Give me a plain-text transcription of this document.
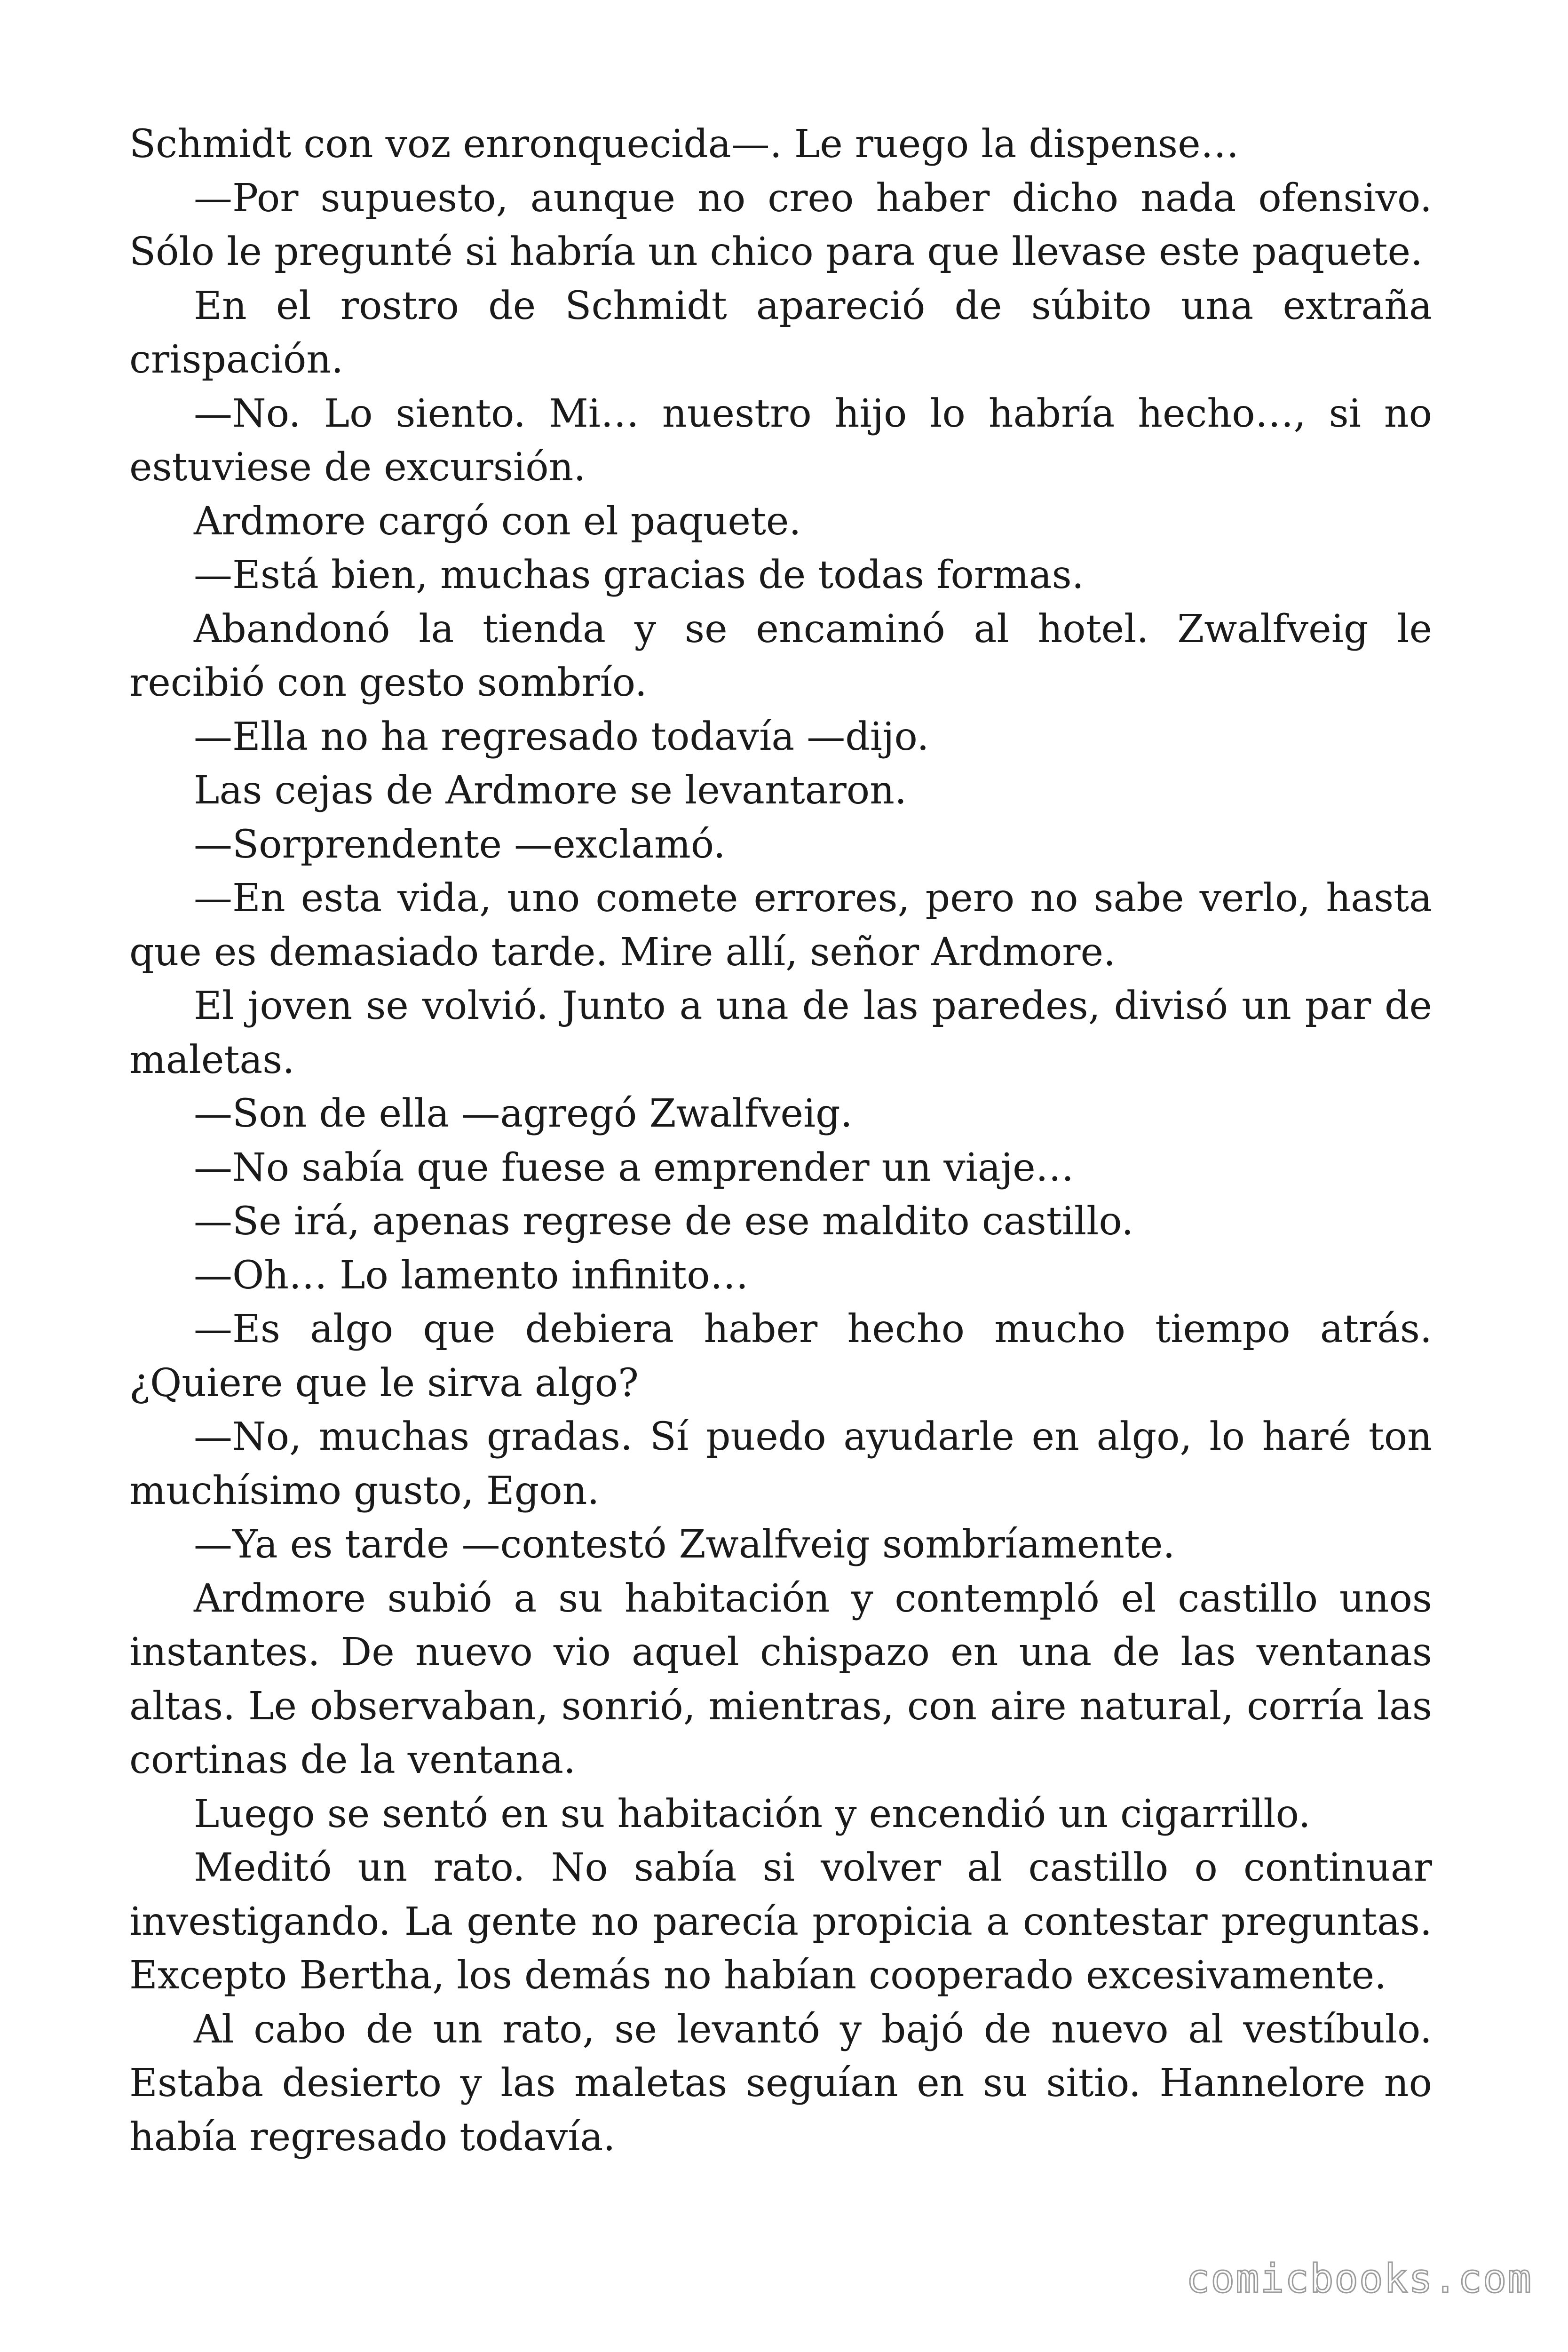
Schmidt con voz enronquecida—. Le ruego la dispense…

—Por supuesto, aunque no creo haber dicho nada ofensivo. Sólo le pregunté si habría un chico para que llevase este paquete.

En el rostro de Schmidt apareció de súbito una extraña crispación.

—No. Lo siento. Mi… nuestro hijo lo habría hecho…, si no estuviese de excursión.

Ardmore cargó con el paquete.

—Está bien, muchas gracias de todas formas.

Abandonó la tienda y se encaminó al hotel. Zwalfveig le recibió con gesto sombrío.

—Ella no ha regresado todavía —dijo.

Las cejas de Ardmore se levantaron.

—Sorprendente —exclamó.

—En esta vida, uno comete errores, pero no sabe verlo, hasta que es demasiado tarde. Mire allí, señor Ardmore.

El joven se volvió. Junto a una de las paredes, divisó un par de maletas.

—Son de ella —agregó Zwalfveig.

—No sabía que fuese a emprender un viaje…

—Se irá, apenas regrese de ese maldito castillo.

—Oh… Lo lamento infinito…

—Es algo que debiera haber hecho mucho tiempo atrás. ¿Quiere que le sirva algo?

—No, muchas gradas. Sí puedo ayudarle en algo, lo haré ton muchísimo gusto, Egon.

—Ya es tarde —contestó Zwalfveig sombríamente.

Ardmore subió a su habitación y contempló el castillo unos instantes. De nuevo vio aquel chispazo en una de las ventanas altas. Le observaban, sonrió, mientras, con aire natural, corría las cortinas de la ventana.

Luego se sentó en su habitación y encendió un cigarrillo.

Meditó un rato. No sabía si volver al castillo o continuar investigando. La gente no parecía propicia a contestar preguntas. Excepto Bertha, los demás no habían cooperado excesivamente.

Al cabo de un rato, se levantó y bajó de nuevo al vestíbulo. Estaba desierto y las maletas seguían en su sitio. Hannelore no había regresado todavía.

comicbooks.com
